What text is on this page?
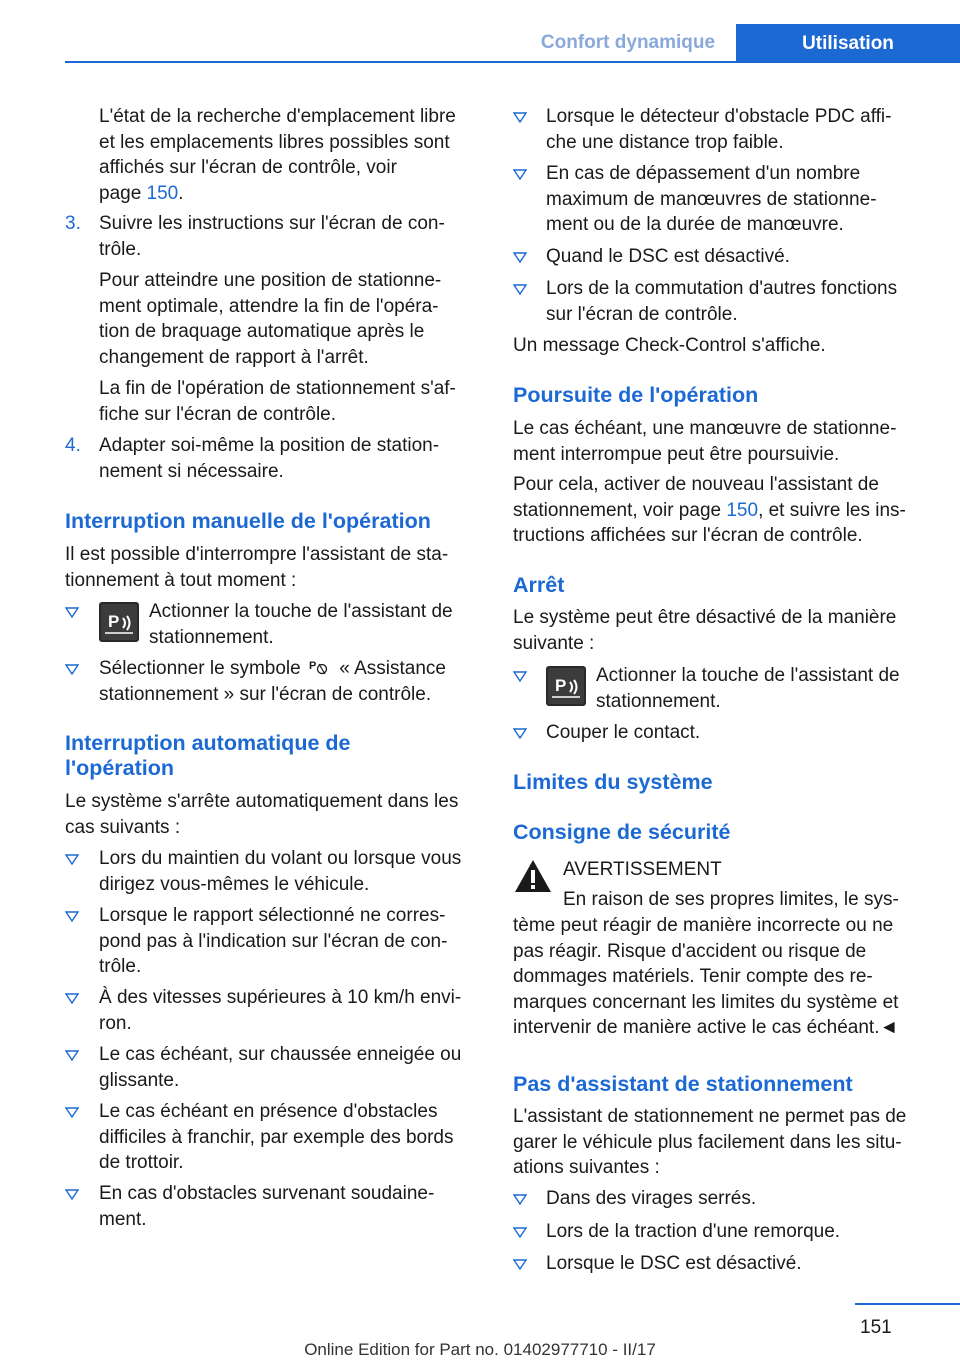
Confort dynamique	Utilisation

L'état de la recherche d'emplacement libre
et les emplacements libres possibles sont
affichés sur l'écran de contrôle, voir
page 150.

3. Suivre les instructions sur l'écran de con-
trôle.

Pour atteindre une position de stationne-
ment optimale, attendre la fin de l'opéra-
tion de braquage automatique après le
changement de rapport à l'arrêt.

La fin de l'opération de stationnement s'af-
fiche sur l'écran de contrôle.

4. Adapter soi-même la position de station-
nement si nécessaire.

Interruption manuelle de l'opération

Il est possible d'interrompre l'assistant de sta-
tionnement à tout moment :

P Actionner la touche de l'assistant de
stationnement.

Sélectionner le symbole P « Assistance
stationnement » sur l'écran de contrôle.

Interruption automatique de
l'opération

Le système s'arrête automatiquement dans les
cas suivants :

Lors du maintien du volant ou lorsque vous
dirigez vous-mêmes le véhicule.

Lorsque le rapport sélectionné ne corres-
pond pas à l'indication sur l'écran de con-
trôle.

À des vitesses supérieures à 10 km/h envi-
ron.

Le cas échéant, sur chaussée enneigée ou
glissante.

Le cas échéant en présence d'obstacles
difficiles à franchir, par exemple des bords
de trottoir.

En cas d'obstacles survenant soudaine-
ment.

Lorsque le détecteur d'obstacle PDC affi-
che une distance trop faible.

En cas de dépassement d'un nombre
maximum de manœuvres de stationne-
ment ou de la durée de manœuvre.

Quand le DSC est désactivé.

Lors de la commutation d'autres fonctions
sur l'écran de contrôle.

Un message Check-Control s'affiche.

Poursuite de l'opération

Le cas échéant, une manœuvre de stationne-
ment interrompue peut être poursuivie.

Pour cela, activer de nouveau l'assistant de
stationnement, voir page 150, et suivre les ins-
tructions affichées sur l'écran de contrôle.

Arrêt

Le système peut être désactivé de la manière
suivante :

P Actionner la touche de l'assistant de
stationnement.

Couper le contact.

Limites du système
Consigne de sécurité

AVERTISSEMENT

En raison de ses propres limites, le sys-

tème peut réagir de manière incorrecte ou ne
pas réagir. Risque d'accident ou risque de
dommages matériels. Tenir compte des re-
marques concernant les limites du système et
intervenir de manière active le cas échéant.◄

Pas d'assistant de stationnement

L'assistant de stationnement ne permet pas de
garer le véhicule plus facilement dans les situ-
ations suivantes :

Dans des virages serrés.

Lors de la traction d'une remorque.

Lorsque le DSC est désactivé.

151
Online Edition for Part no. 01402977710 - II/17
